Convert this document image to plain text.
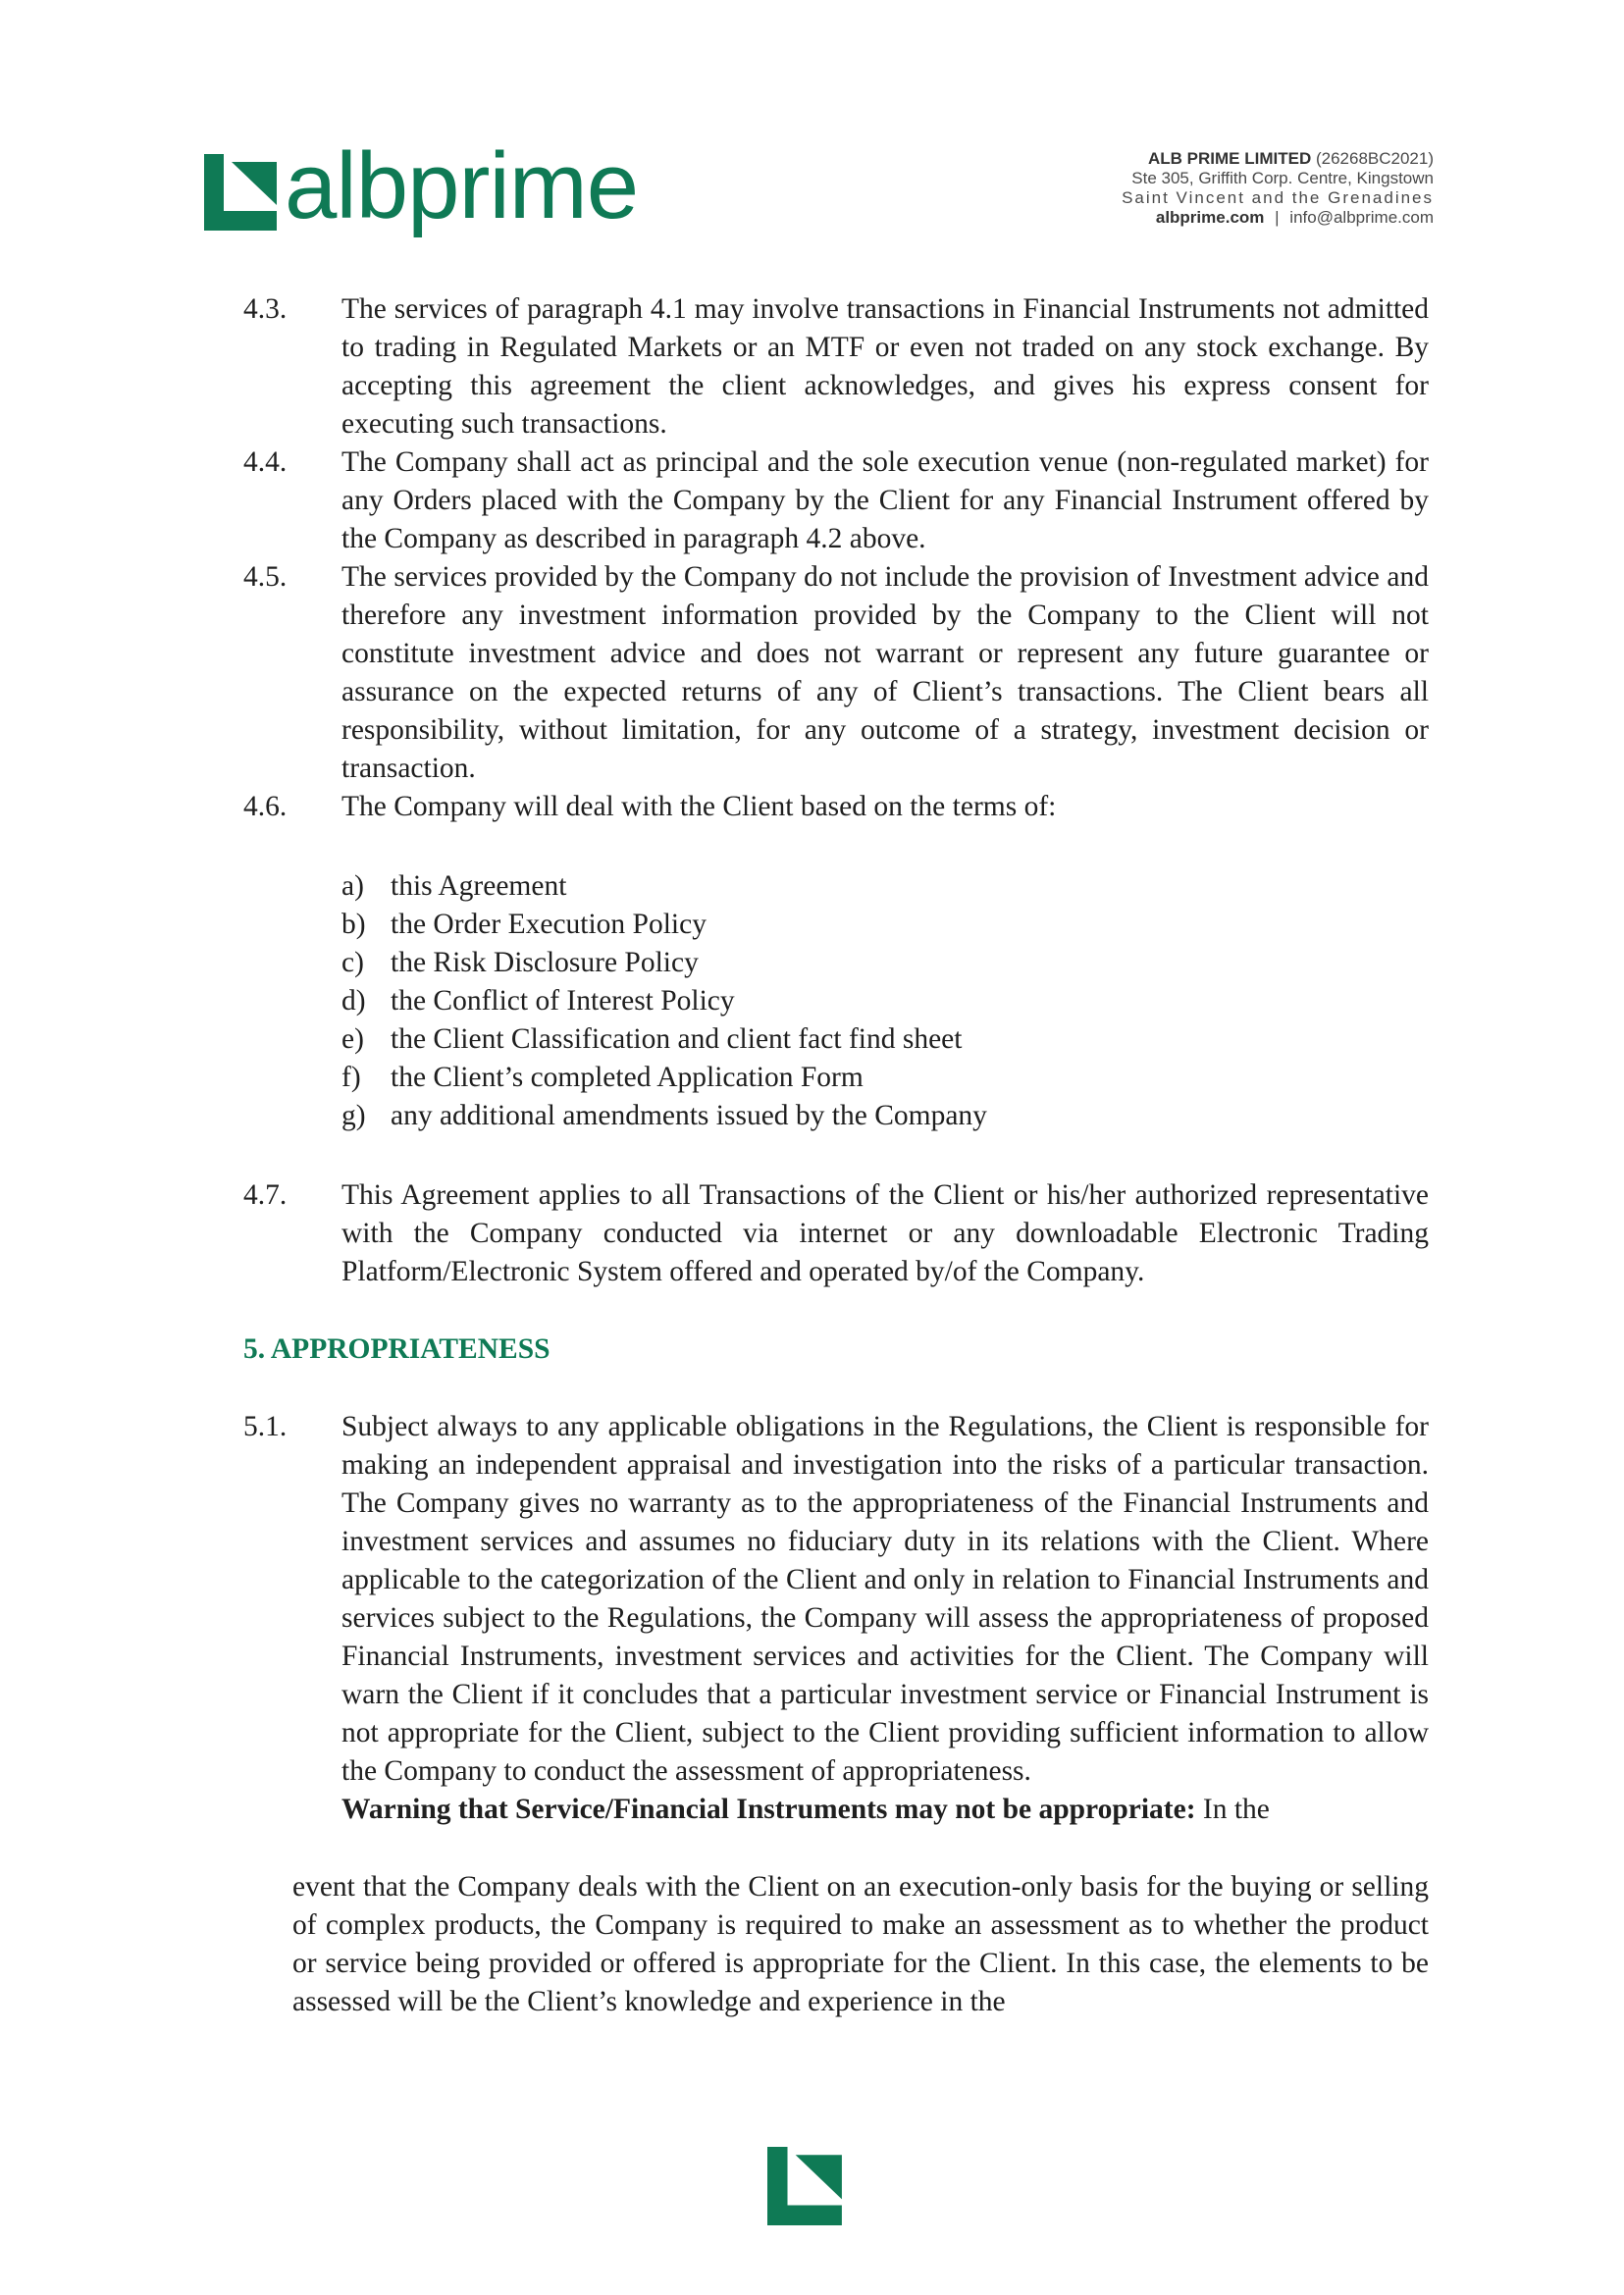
albprime	ALB PRIME LIMITED (26268BC2021)
Ste 305, Griffith Corp. Centre, Kingstown
Saint Vincent and the Grenadines
albprime.com | info@albprime.com
4.3.	The services of paragraph 4.1 may involve transactions in Financial Instruments not admitted to trading in Regulated Markets or an MTF or even not traded on any stock exchange. By accepting this agreement the client acknowledges, and gives his express consent for executing such transactions.
4.4.	The Company shall act as principal and the sole execution venue (non-regulated market) for any Orders placed with the Company by the Client for any Financial Instrument offered by the Company as described in paragraph 4.2 above.
4.5.	The services provided by the Company do not include the provision of Investment advice and therefore any investment information provided by the Company to the Client will not constitute investment advice and does not warrant or represent any future guarantee or assurance on the expected returns of any of Client’s transactions. The Client bears all responsibility, without limitation, for any outcome of a strategy, investment decision or transaction.
4.6.	The Company will deal with the Client based on the terms of:
a) this Agreement
b) the Order Execution Policy
c) the Risk Disclosure Policy
d) the Conflict of Interest Policy
e) the Client Classification and client fact find sheet
f)	the Client’s completed Application Form
g) any additional amendments issued by the Company
4.7.	This Agreement applies to all Transactions of the Client or his/her authorized representative with the Company conducted via internet or any downloadable Electronic Trading Platform/Electronic System offered and operated by/of the Company.
5. APPROPRIATENESS
5.1.	Subject always to any applicable obligations in the Regulations, the Client is responsible for making an independent appraisal and investigation into the risks of a particular transaction. The Company gives no warranty as to the appropriateness of the Financial Instruments and investment services and assumes no fiduciary duty in its relations with the Client. Where applicable to the categorization of the Client and only in relation to Financial Instruments and services subject to the Regulations, the Company will assess the appropriateness of proposed Financial Instruments, investment services and activities for the Client. The Company will warn the Client if it concludes that a particular investment service or Financial Instrument is not appropriate for the Client, subject to the Client providing sufficient information to allow the Company to conduct the assessment of appropriateness.
Warning that Service/Financial Instruments may not be appropriate: In the
event that the Company deals with the Client on an execution-only basis for the buying or selling of complex products, the Company is required to make an assessment as to whether the product or service being provided or offered is appropriate for the Client. In this case, the elements to be assessed will be the Client’s knowledge and experience in the
